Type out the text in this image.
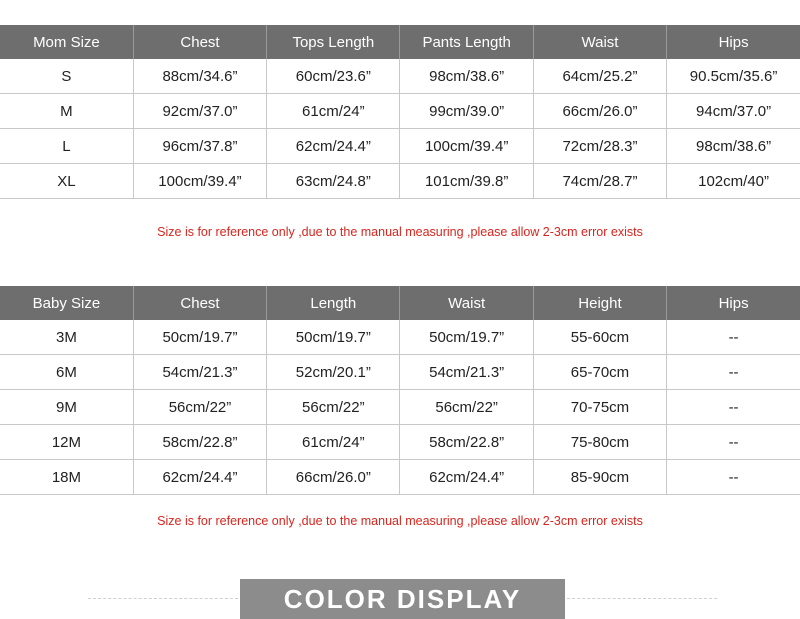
Mom Size	Chest	Tops Length	Pants Length	Waist	Hips
S	88cm/34.6”	60cm/23.6”	98cm/38.6”	64cm/25.2”	90.5cm/35.6”
M	92cm/37.0”	61cm/24”	99cm/39.0”	66cm/26.0”	94cm/37.0”
L	96cm/37.8”	62cm/24.4”	100cm/39.4”	72cm/28.3”	98cm/38.6”
XL	100cm/39.4”	63cm/24.8”	101cm/39.8”	74cm/28.7”	102cm/40”
Size is for reference only ,due to the manual measuring ,please allow 2-3cm error exists
Baby Size	Chest	Length	Waist	Height	Hips
3M	50cm/19.7”	50cm/19.7”	50cm/19.7”	55-60cm	--
6M	54cm/21.3”	52cm/20.1”	54cm/21.3”	65-70cm	--
9M	56cm/22”	56cm/22”	56cm/22”	70-75cm	--
12M	58cm/22.8”	61cm/24”	58cm/22.8”	75-80cm	--
18M	62cm/24.4”	66cm/26.0”	62cm/24.4”	85-90cm	--
Size is for reference only ,due to the manual measuring ,please allow 2-3cm error exists
COLOR DISPLAY
